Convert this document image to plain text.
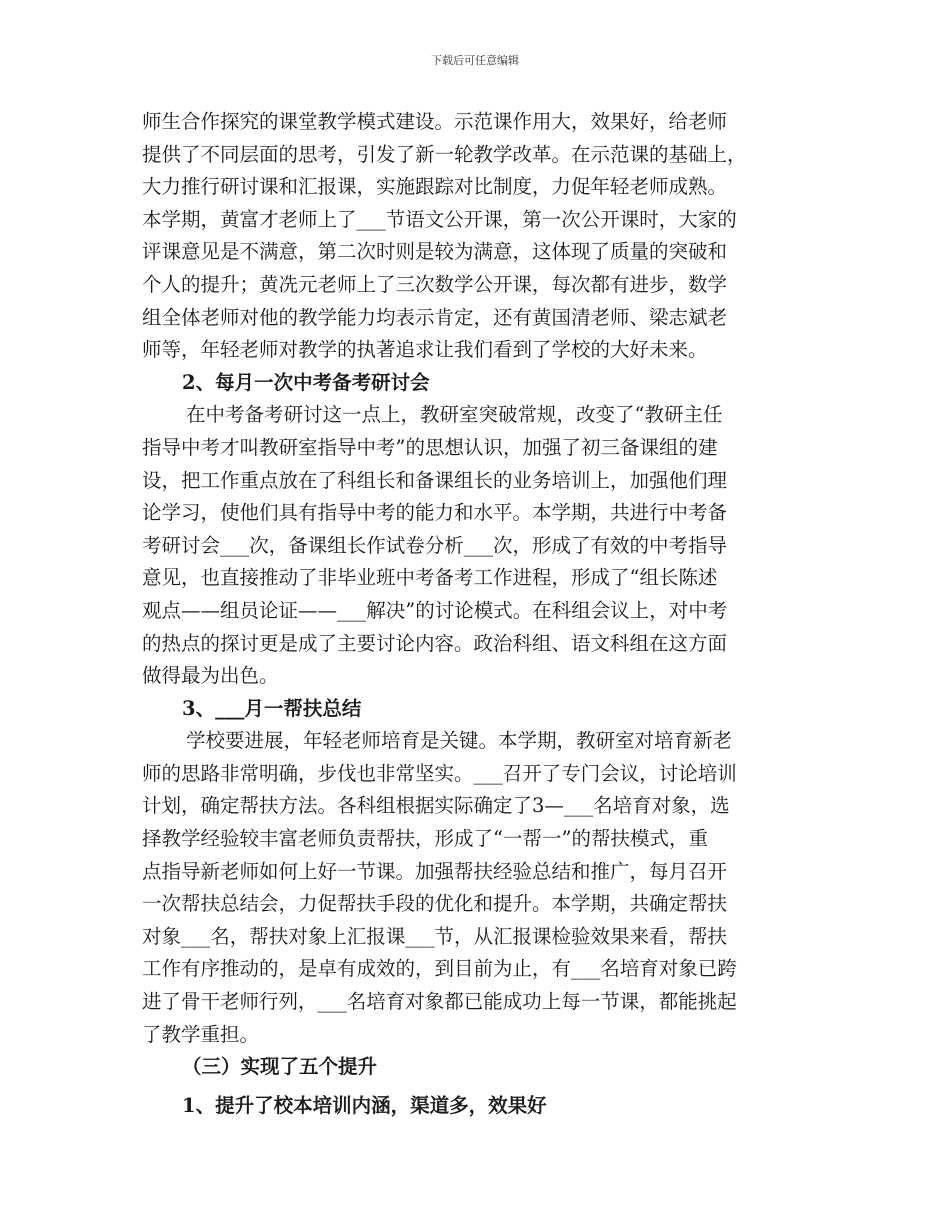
下载后可任意编辑
师生合作探究的课堂教学模式建设。示范课作用大，效果好，给老师
提供了不同层面的思考，引发了新一轮教学改革。在示范课的基础上，
大力推行研讨课和汇报课，实施跟踪对比制度，力促年轻老师成熟。
本学期，黄富才老师上了___节语文公开课，第一次公开课时，大家的
评课意见是不满意，第二次时则是较为满意，这体现了质量的突破和
个人的提升；黄冼元老师上了三次数学公开课，每次都有进步，数学
组全体老师对他的教学能力均表示肯定，还有黄国清老师、梁志斌老
师等，年轻老师对教学的执著追求让我们看到了学校的大好未来。
2、每月一次中考备考研讨会
在中考备考研讨这一点上，教研室突破常规，改变了“教研主任
指导中考才叫教研室指导中考”的思想认识，加强了初三备课组的建
设，把工作重点放在了科组长和备课组长的业务培训上，加强他们理
论学习，使他们具有指导中考的能力和水平。本学期，共进行中考备
考研讨会___次，备课组长作试卷分析___次，形成了有效的中考指导
意见，也直接推动了非毕业班中考备考工作进程，形成了“组长陈述
观点——组员论证——___解决”的讨论模式。在科组会议上，对中考
的热点的探讨更是成了主要讨论内容。政治科组、语文科组在这方面
做得最为出色。
3、___月一帮扶总结
学校要进展，年轻老师培育是关键。本学期，教研室对培育新老
师的思路非常明确，步伐也非常坚实。___召开了专门会议，讨论培训
计划，确定帮扶方法。各科组根据实际确定了3—___名培育对象，选
择教学经验较丰富老师负责帮扶，形成了“一帮一”的帮扶模式，重
点指导新老师如何上好一节课。加强帮扶经验总结和推广，每月召开
一次帮扶总结会，力促帮扶手段的优化和提升。本学期，共确定帮扶
对象___名，帮扶对象上汇报课___节，从汇报课检验效果来看，帮扶
工作有序推动的，是卓有成效的，到目前为止，有___名培育对象已跨
进了骨干老师行列，___名培育对象都已能成功上每一节课，都能挑起
了教学重担。
（三）实现了五个提升
1、提升了校本培训内涵，渠道多，效果好
